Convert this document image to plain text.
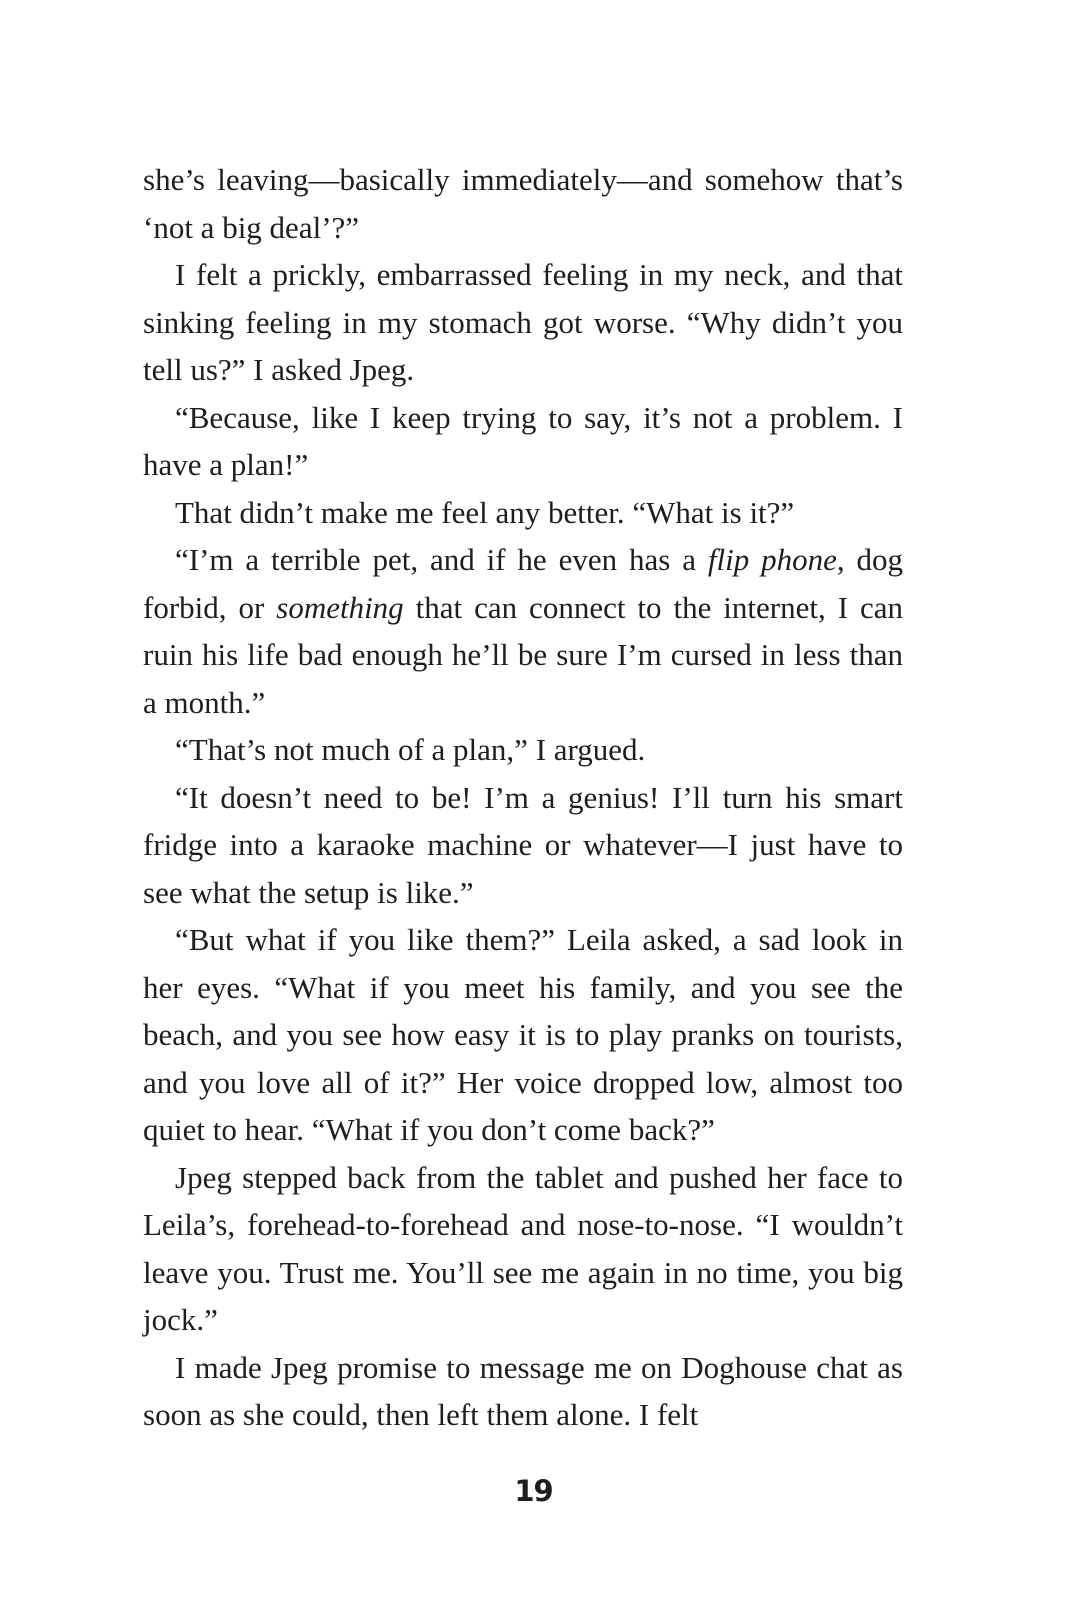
she’s leaving—basically immediately—and somehow that’s ‘not a big deal’?”

I felt a prickly, embarrassed feeling in my neck, and that sinking feeling in my stomach got worse. “Why didn’t you tell us?” I asked Jpeg.

“Because, like I keep trying to say, it’s not a problem. I have a plan!”

That didn’t make me feel any better. “What is it?”

“I’m a terrible pet, and if he even has a flip phone, dog forbid, or something that can connect to the internet, I can ruin his life bad enough he’ll be sure I’m cursed in less than a month.”

“That’s not much of a plan,” I argued.

“It doesn’t need to be! I’m a genius! I’ll turn his smart fridge into a karaoke machine or whatever—I just have to see what the setup is like.”

“But what if you like them?” Leila asked, a sad look in her eyes. “What if you meet his family, and you see the beach, and you see how easy it is to play pranks on tourists, and you love all of it?” Her voice dropped low, almost too quiet to hear. “What if you don’t come back?”

Jpeg stepped back from the tablet and pushed her face to Leila’s, forehead-to-forehead and nose-to-nose. “I wouldn’t leave you. Trust me. You’ll see me again in no time, you big jock.”

I made Jpeg promise to message me on Doghouse chat as soon as she could, then left them alone. I felt

19
